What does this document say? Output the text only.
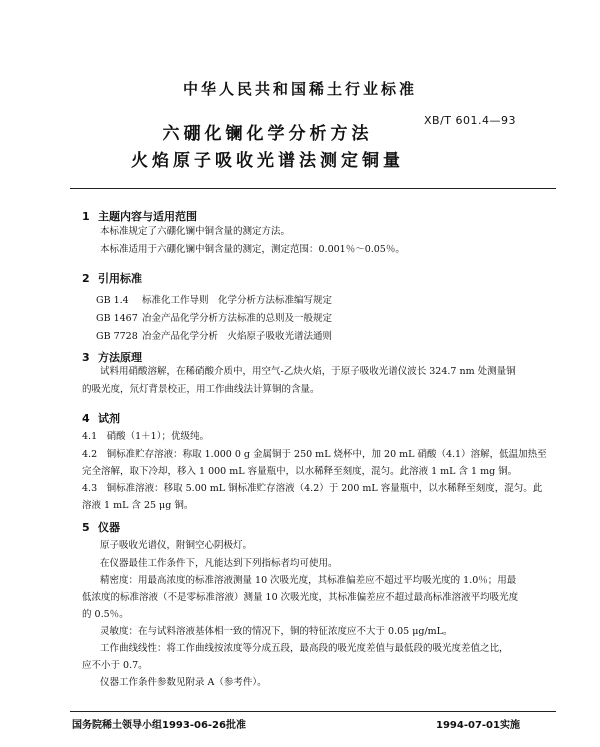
中华人民共和国稀土行业标准
XB/T 601.4—93
六硼化镧化学分析方法
火焰原子吸收光谱法测定铜量
1 主题内容与适用范围
本标准规定了六硼化镧中铜含量的测定方法。
本标准适用于六硼化镧中铜含量的测定，测定范围：0.001％～0.05％。
2 引用标准
GB 1.4 标准化工作导则　化学分析方法标准编写规定
GB 1467 冶金产品化学分析方法标准的总则及一般规定
GB 7728 冶金产品化学分析　火焰原子吸收光谱法通则
3 方法原理
试料用硝酸溶解，在稀硝酸介质中，用空气-乙炔火焰，于原子吸收光谱仪波长 324.7 nm 处测量铜
的吸光度，氘灯背景校正，用工作曲线法计算铜的含量。
4 试剂
4.1　硝酸（1＋1）；优级纯。
4.2　铜标准贮存溶液：称取 1.000 0 g 金属铜于 250 mL 烧杯中，加 20 mL 硝酸（4.1）溶解，低温加热至
完全溶解，取下冷却，移入 1 000 mL 容量瓶中，以水稀释至刻度，混匀。此溶液 1 mL 含 1 mg 铜。
4.3　铜标准溶液：移取 5.00 mL 铜标准贮存溶液（4.2）于 200 mL 容量瓶中，以水稀释至刻度，混匀。此
溶液 1 mL 含 25 μg 铜。
5 仪器
原子吸收光谱仪，附铜空心阴极灯。
在仪器最佳工作条件下，凡能达到下列指标者均可使用。
精密度：用最高浓度的标准溶液测量 10 次吸光度，其标准偏差应不超过平均吸光度的 1.0％；用最
低浓度的标准溶液（不是零标准溶液）测量 10 次吸光度，其标准偏差应不超过最高标准溶液平均吸光度
的 0.5％。
灵敏度：在与试料溶液基体相一致的情况下，铜的特征浓度应不大于 0.05 μg/mL。
工作曲线线性：将工作曲线按浓度等分成五段，最高段的吸光度差值与最低段的吸光度差值之比，
应不小于 0.7。
仪器工作条件参数见附录 A（参考件）。
国务院稀土领导小组1993-06-26批准	1994-07-01实施
